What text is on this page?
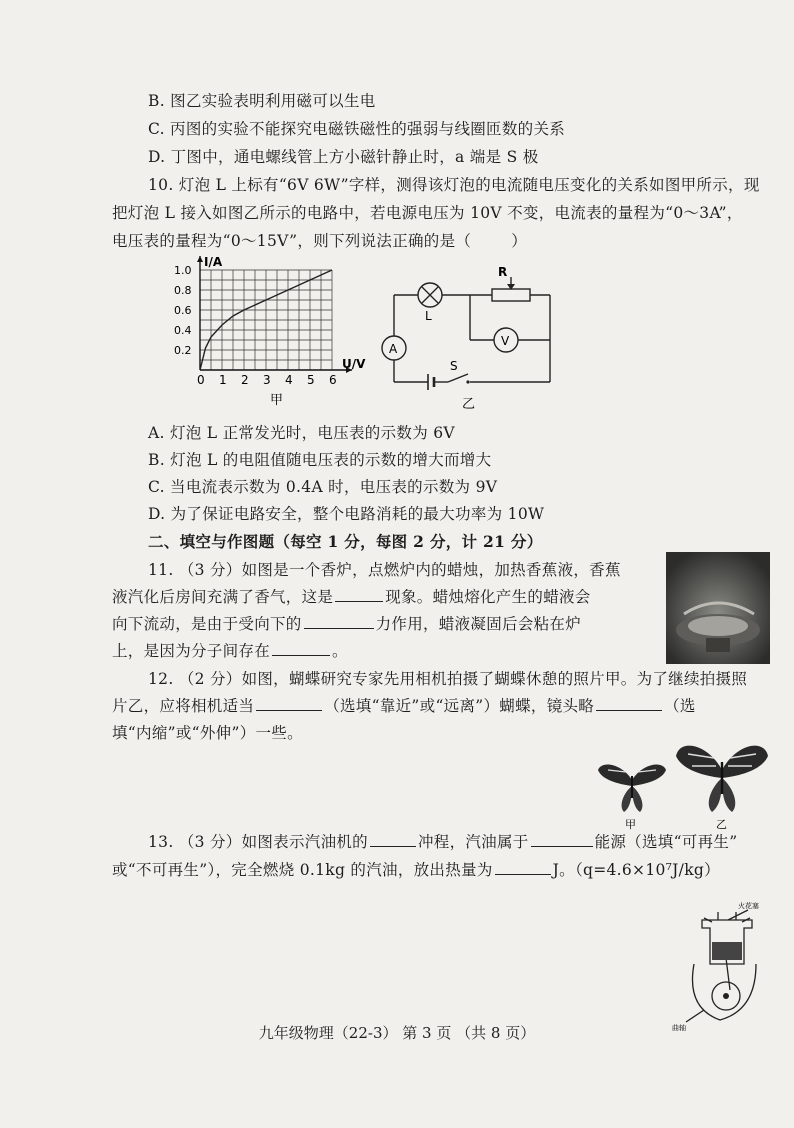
B. 图乙实验表明利用磁可以生电
C. 丙图的实验不能探究电磁铁磁性的强弱与线圈匝数的关系
D. 丁图中，通电螺线管上方小磁针静止时，a 端是 S 极
10. 灯泡 L 上标有“6V 6W”字样，测得该灯泡的电流随电压变化的关系如图甲所示，现
把灯泡 L 接入如图乙所示的电路中，若电源电压为 10V 不变，电流表的量程为“0～3A”，
电压表的量程为“0～15V”，则下列说法正确的是（	）
I/A
U/V
0 1 2 3 4 5 6
0.2
0.4
0.6
0.8
1.0
甲
L
R
V
A
S
乙
A. 灯泡 L 正常发光时，电压表的示数为 6V
B. 灯泡 L 的电阻值随电压表的示数的增大而增大
C. 当电流表示数为 0.4A 时，电压表的示数为 9V
D. 为了保证电路安全，整个电路消耗的最大功率为 10W
二、填空与作图题（每空 1 分，每图 2 分，计 21 分）
11. （3 分）如图是一个香炉，点燃炉内的蜡烛，加热香蕉液，香蕉
液汽化后房间充满了香气，这是	现象。蜡烛熔化产生的蜡液会
向下流动，是由于受向下的	力作用，蜡液凝固后会粘在炉
上，是因为分子间存在	。
12. （2 分）如图，蝴蝶研究专家先用相机拍摄了蝴蝶休憩的照片甲。为了继续拍摄照
片乙，应将相机适当	（选填“靠近”或“远离”）蝴蝶，镜头略	（选
填“内缩”或“外伸”）一些。
甲	乙
13. （3 分）如图表示汽油机的	冲程，汽油属于	能源（选填“可再生”
或“不可再生”），完全燃烧 0.1kg 的汽油，放出热量为	J。（q=4.6×10⁷J/kg）
火花塞
曲轴
九年级物理（22-3） 第 3 页 （共 8 页）
